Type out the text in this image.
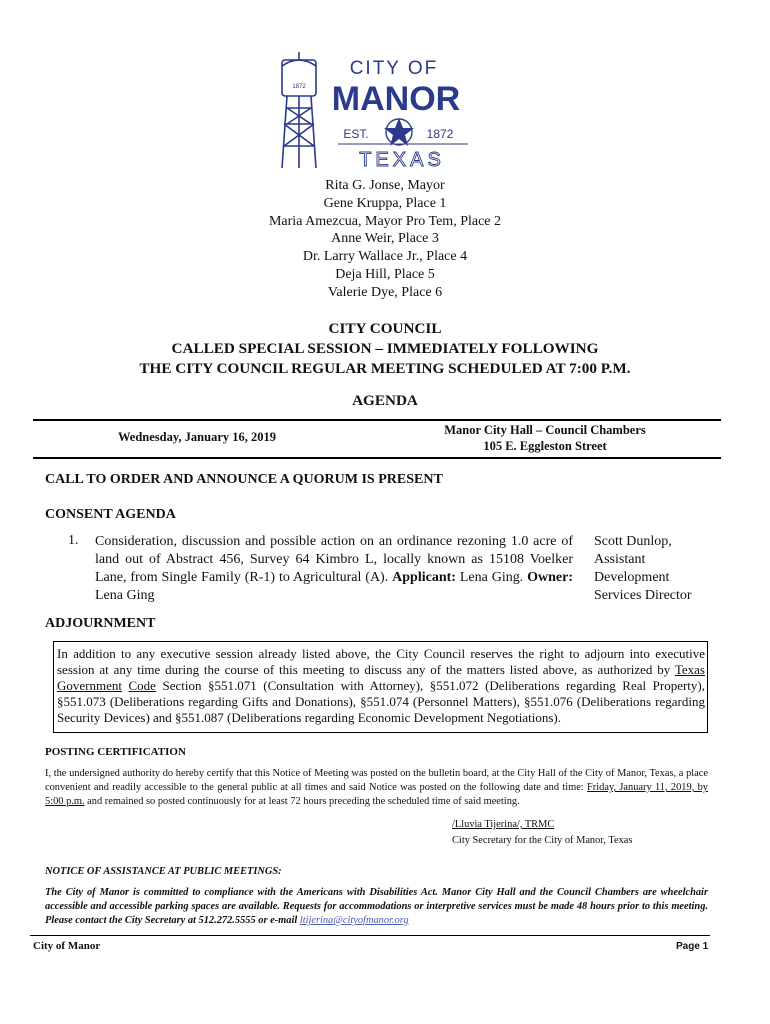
1872
CITY OF
MANOR
EST.	1872
TEXAS
Rita G. Jonse, Mayor
Gene Kruppa, Place 1
Maria Amezcua, Mayor Pro Tem, Place 2
Anne Weir, Place 3
Dr. Larry Wallace Jr., Place 4
Deja Hill, Place 5
Valerie Dye, Place 6
CITY COUNCIL
CALLED SPECIAL SESSION – IMMEDIATELY FOLLOWING
THE CITY COUNCIL REGULAR MEETING SCHEDULED AT 7:00 P.M.
AGENDA
Wednesday, January 16, 2019	Manor City Hall – Council Chambers
105 E. Eggleston Street
CALL TO ORDER AND ANNOUNCE A QUORUM IS PRESENT
CONSENT AGENDA
1. Consideration, discussion and possible action on an ordinance rezoning 1.0 acre of land out of Abstract 456, Survey 64 Kimbro L, locally known as 15108 Voelker Lane, from Single Family (R-1) to Agricultural (A). Applicant: Lena Ging. Owner: Lena Ging
Scott Dunlop, Assistant Development Services Director
ADJOURNMENT
In addition to any executive session already listed above, the City Council reserves the right to adjourn into executive session at any time during the course of this meeting to discuss any of the matters listed above, as authorized by Texas Government Code Section §551.071 (Consultation with Attorney), §551.072 (Deliberations regarding Real Property), §551.073 (Deliberations regarding Gifts and Donations), §551.074 (Personnel Matters), §551.076 (Deliberations regarding Security Devices) and §551.087 (Deliberations regarding Economic Development Negotiations).
POSTING CERTIFICATION
I, the undersigned authority do hereby certify that this Notice of Meeting was posted on the bulletin board, at the City Hall of the City of Manor, Texas, a place convenient and readily accessible to the general public at all times and said Notice was posted on the following date and time: Friday, January 11, 2019, by 5:00 p.m. and remained so posted continuously for at least 72 hours preceding the scheduled time of said meeting.
/Lluvia Tijerina/, TRMC
City Secretary for the City of Manor, Texas
NOTICE OF ASSISTANCE AT PUBLIC MEETINGS:
The City of Manor is committed to compliance with the Americans with Disabilities Act. Manor City Hall and the Council Chambers are wheelchair accessible and accessible parking spaces are available. Requests for accommodations or interpretive services must be made 48 hours prior to this meeting. Please contact the City Secretary at 512.272.5555 or e-mail ltijerina@cityofmanor.org
City of Manor	Page 1
